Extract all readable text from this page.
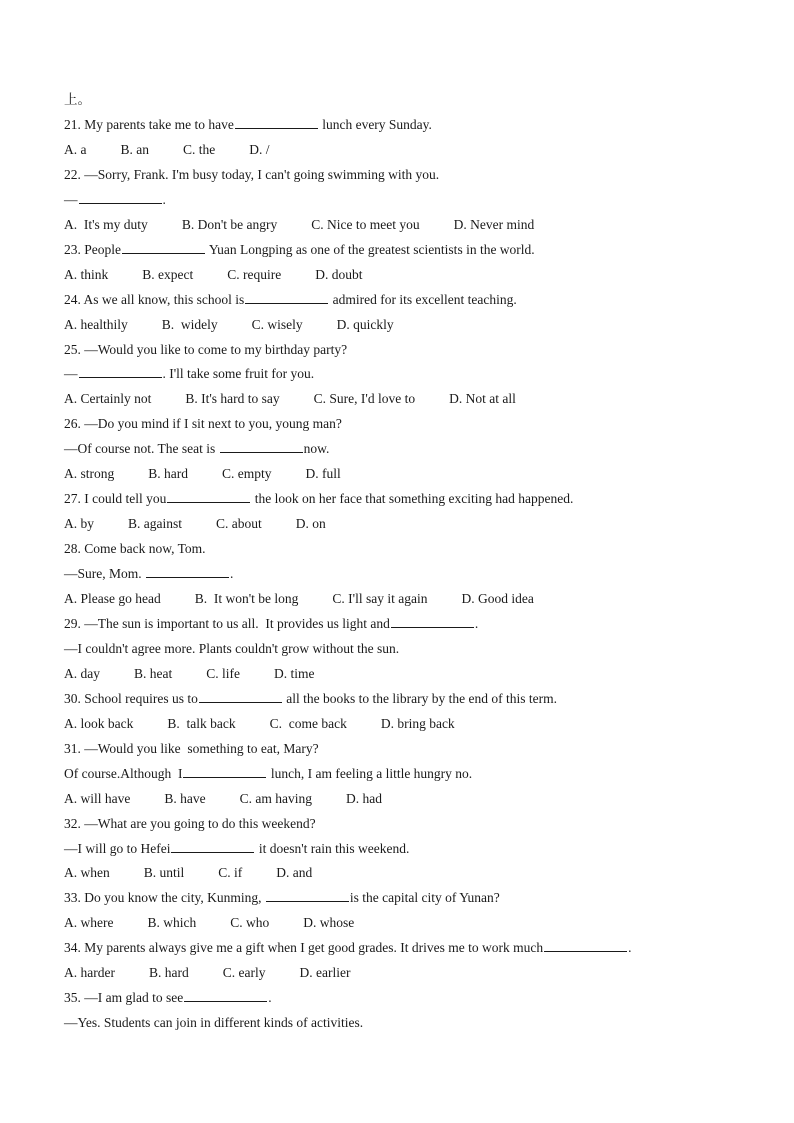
上。
21. My parents take me to have	lunch every Sunday.
A. a	B. an	C. the	D. /
22. —Sorry, Frank. I'm busy today, I can't going swimming with you.
—	.
A.  It's my duty	B. Don't be angry	C. Nice to meet you	D. Never mind
23. People	Yuan Longping as one of the greatest scientists in the world.
A. think	B. expect	C. require	D. doubt
24. As we all know, this school is	admired for its excellent teaching.
A. healthily	B.  widely	C. wisely	D. quickly
25. —Would you like to come to my birthday party?
—	. I'll take some fruit for you.
A. Certainly not	B. It's hard to say	C. Sure, I'd love to	D. Not at all
26. —Do you mind if I sit next to you, young man?
—Of course not. The seat is	now.
A. strong	B. hard	C. empty	D. full
27. I could tell you	the look on her face that something exciting had happened.
A. by	B. against	C. about	D. on
28. Come back now, Tom.
—Sure, Mom.	.
A. Please go head	B.  It won't be long	C. I'll say it again	D. Good idea
29. —The sun is important to us all.  It provides us light and	.
—I couldn't agree more. Plants couldn't grow without the sun.
A. day	B. heat	C. life	D. time
30. School requires us to	all the books to the library by the end of this term.
A. look back	B.  talk back	C.  come back	D. bring back
31. —Would you like  something to eat, Mary?
Of course.Although  I	lunch, I am feeling a little hungry no.
A. will have	B. have	C. am having	D. had
32. —What are you going to do this weekend?
—I will go to Hefei	it doesn't rain this weekend.
A. when	B. until	C. if	D. and
33. Do you know the city, Kunming,	is the capital city of Yunan?
A. where	B. which	C. who	D. whose
34. My parents always give me a gift when I get good grades. It drives me to work much	.
A. harder	B. hard	C. early	D. earlier
35. —I am glad to see	.
—Yes. Students can join in different kinds of activities.
